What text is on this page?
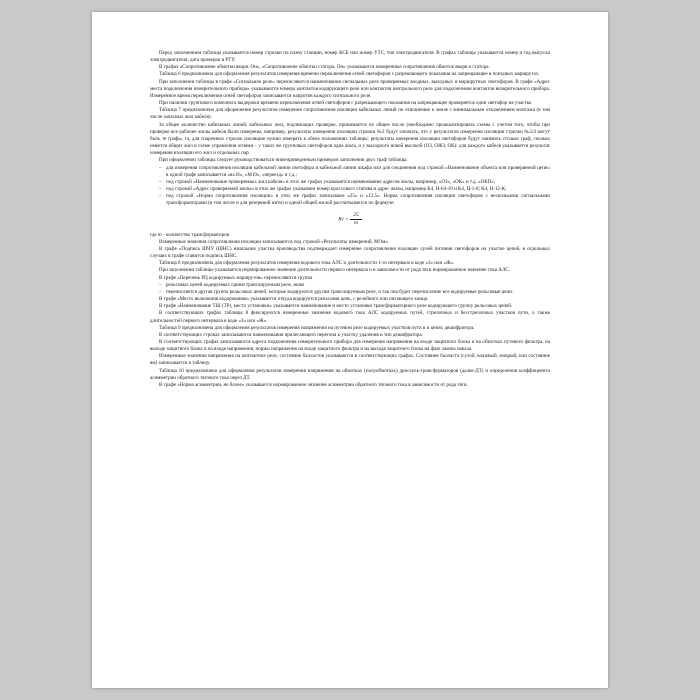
Перед заполнением таблицы указывается номер стрелки по плану станции, номер КСБ или номер УТС, тип электродвигателя. В графах таблицы указывается номер и год выпуска электродвигателя, дата проверки в РТУ.

В графах «Сопротивление обмотки якоря. Он», «Сопротивление обмотки статора. Он» указываются измеренные сопротивления обмоток якоря и статора.

Таблица 6 предназначена для оформления результатов измерения времени переключения огней светофоров с разрешающего показания на запрещающее в поездных маршрутах.

При заполнении таблицы в графе «Сигнальное реле» перечисляются наименования сигнальных реле проверяемых входных, выходных и маршрутных светофоров. В графе «Адрес места подключения измерительного прибора» указываются номера контактов кодирующего реле или контактов контрольного реле для подключения контактов визирительного прибора. Измеренное время переключения огней светофоров записывается напротив каждого сигнального реле.

При наличии группового комплекта выдержки времени переключения огней светофоров с разрешающего показания на запрещающее проверяется один светофор на участке.

Таблица 7 предназначена для оформления результатов измерения сопротивления изоляции кабельных линий по отношению к земле с минимальным отключением монтажа (в том числе запасных жил кабеля).

За общее количество кабельных линий, кабельных жил, подлежащих проверке, принимается их общее число (необходимо проанализировать схемы с учетом того, чтобы при проверке все рабочие жилы кабеля были измерены, например, результаты измерения изоляции стрелки №2 будут означать, что у результатов измерения изоляции стрелки №2/4 могут быть те графы, та, для спаренных стрелок изоляцию нужно измерять в обеих положениях таблицы: результаты измерения изоляции светофоров будут занимать столько граф, сколько имеется общих жил в схеме управления огнями – у таких же групповых светофоров одна жила, и у выходного новой высокой (ОЗ, ОЖЗ, ОК): для каждого кабеля указывается результат измерения изоляции его жил и отдельных пар.

При оформлении таблицы следует руководствоваться нижеприведенным примером заполнения двух граф таблицы:

– для измерения сопротивления изоляции кабельной линии светофора и кабельной линии шкафа или для соединения под строкой «Наименование объекта или проверяемой цепи» в одной графе записывается «вх.Н», «М19», «переезд» и т.д.;
– под строкой «Наименование проверяемых жил кабеля» в этих же графах указывается наименование адресов жилы, например, «ОЗ», «ОК» и т.д. «ОКП»;
– под строкой «Адрес проверяемой жилы» в этих же графах указываем номер кроссового статива и адрес жилы, например К4, Н-64-10 и К4, Ц-1-8; К4, Н-12-К;
– под строкой «Норма сопротивления изоляции» в этих же графах записываем «25» и «12.5». Норма сопротивления изоляции светофоров с несколькими сигнальными трансформаторами (в том числе и для резервной нити) и одной общей жилой рассчитывается по формуле:
$Rc = \frac{25}{m}$

где m - количество трансформаторов

Измеренные значения сопротивления изоляции записываются под строкой «Результаты измерений, МОм».

В графе «Подпись ШЧУ (ШНС) начальник участка производства подтверждает измерение сопротивления изоляции лучей питания светофоров на участке цепей, в отдельных случаях в графе ставится подпись ШНС.

Таблица 8 предназначена для оформления результатов измерения кодового тока АЛС и длительности 1-го интервала в коде «З» или «Ж».

При заполнении таблицы указывается нормированное значение длительности первого интервала и в зависимости от рода тяги нормированное значение тока АЛС.

В графе «Перечень РЦ кодируемых маршрутов» перечисляются группа

– рельсовых цепей кодируемых одним транслируемым реле, ниже
– перечисляется другая группа рельсовых цепей, которые кодируются другим транслируемым реле, и так она будет перечисление все кодируемые рельсовые цепи.

В графе «Место включения кодирования» указывается откуда кодируется рельсовая цепь, с релейного или питающего конца.

В графе «Наименование ТШ (ТР), место установки» указывается наименование и место установки трансформаторного реле кодирующего группу рельсовых цепей.

В соответствующих графах таблицы 8 фиксируются измеренные значения кодового тока АЛС кодируемых путей, стрелочных и бесстрелочных участков пути, а также длительностей первого интервала в коде «З» или «Ж».

Таблица 9 предназначена для оформления результатов измерения напряжения на путевом реле кодируемых участков пути и и цепях дешифратора.

В соответствующих строках записываются наименования прилегающего перегона к участку удаления и тип дешифратора.

В соответствующих графах записываются адреса подключения измерительного прибора для измерения напряжения на входе защитного блока и на обмотках путевого фильтра, на выходе защитного блока и на входе напряжения, нормы напряжения на входе защитного фильтра и на выходе защитного блока на фазе лампы накала.

Измеренные значения напряжения на контактное реле, состояние балластов указываются в соответствующих графах. Состояние балласта (сухой, влажный, мокрый, или состояние ям) записывается в таблицу.

Таблица 10 предназначена для оформления результатов измерения напряжения на обмотках (полуобмотках) дроссель-трансформаторов (далее-ДТ) и определения коэффициента асимметрии обратного тягового тока через ДТ.

В графе «Норма асимметрии, не более» указывается нормированное значение асимметрии обратного тягового тока в зависимости от рода тяги.
